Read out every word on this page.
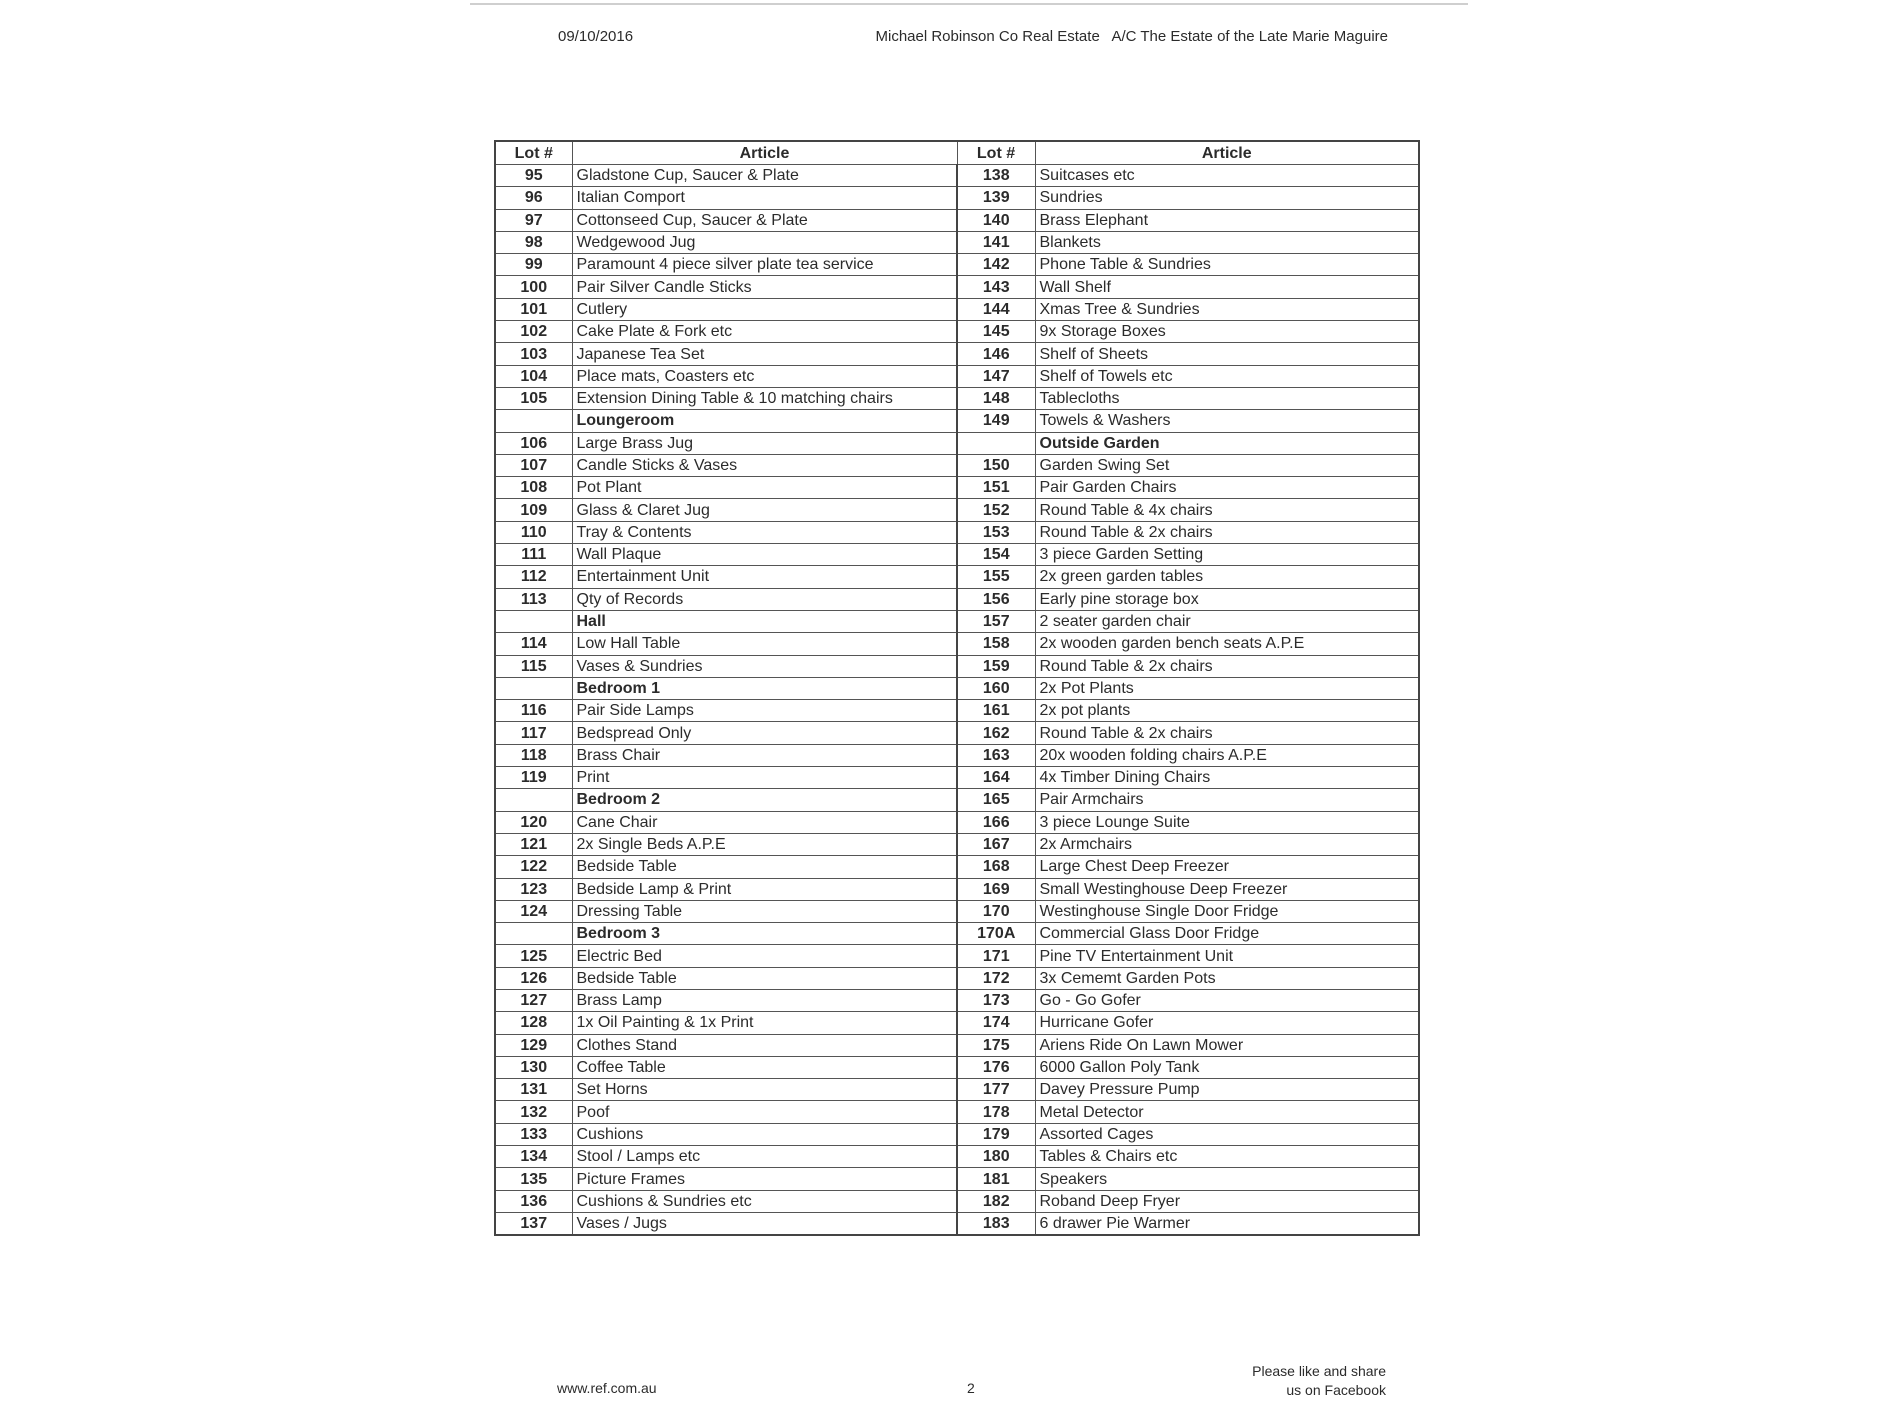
09/10/2016	Michael Robinson Co Real Estate   A/C The Estate of the Late Marie Maguire
Lot #	Article	Lot #	Article
95	Gladstone Cup, Saucer & Plate	138	Suitcases etc
96	Italian Comport	139	Sundries
97	Cottonseed Cup, Saucer & Plate	140	Brass Elephant
98	Wedgewood Jug	141	Blankets
99	Paramount 4 piece silver plate tea service	142	Phone Table & Sundries
100	Pair Silver Candle Sticks	143	Wall Shelf
101	Cutlery	144	Xmas Tree & Sundries
102	Cake Plate & Fork etc	145	9x Storage Boxes
103	Japanese Tea Set	146	Shelf of Sheets
104	Place mats, Coasters etc	147	Shelf of Towels etc
105	Extension Dining Table & 10 matching chairs	148	Tablecloths
	Loungeroom	149	Towels & Washers
106	Large Brass Jug		Outside Garden
107	Candle Sticks & Vases	150	Garden Swing Set
108	Pot Plant	151	Pair Garden Chairs
109	Glass & Claret Jug	152	Round Table & 4x chairs
110	Tray & Contents	153	Round Table & 2x chairs
111	Wall Plaque	154	3 piece Garden Setting
112	Entertainment Unit	155	2x green garden tables
113	Qty of Records	156	Early pine storage box
	Hall	157	2 seater garden chair
114	Low Hall Table	158	2x wooden garden bench seats A.P.E
115	Vases & Sundries	159	Round Table & 2x chairs
	Bedroom 1	160	2x Pot Plants
116	Pair Side Lamps	161	2x pot plants
117	Bedspread Only	162	Round Table & 2x chairs
118	Brass Chair	163	20x wooden folding chairs A.P.E
119	Print	164	4x Timber Dining Chairs
	Bedroom 2	165	Pair Armchairs
120	Cane Chair	166	3 piece Lounge Suite
121	2x Single Beds A.P.E	167	2x Armchairs
122	Bedside Table	168	Large Chest Deep Freezer
123	Bedside Lamp & Print	169	Small Westinghouse Deep Freezer
124	Dressing Table	170	Westinghouse Single Door Fridge
	Bedroom 3	170A	Commercial Glass Door Fridge
125	Electric Bed	171	Pine TV Entertainment Unit
126	Bedside Table	172	3x Cememt Garden Pots
127	Brass Lamp	173	Go - Go Gofer
128	1x Oil Painting & 1x Print	174	Hurricane Gofer
129	Clothes Stand	175	Ariens Ride On Lawn Mower
130	Coffee Table	176	6000 Gallon Poly Tank
131	Set Horns	177	Davey Pressure Pump
132	Poof	178	Metal Detector
133	Cushions	179	Assorted Cages
134	Stool / Lamps etc	180	Tables & Chairs etc
135	Picture Frames	181	Speakers
136	Cushions & Sundries etc	182	Roband Deep Fryer
137	Vases / Jugs	183	6 drawer Pie Warmer
www.ref.com.au	2
Please like and share
us on Facebook
